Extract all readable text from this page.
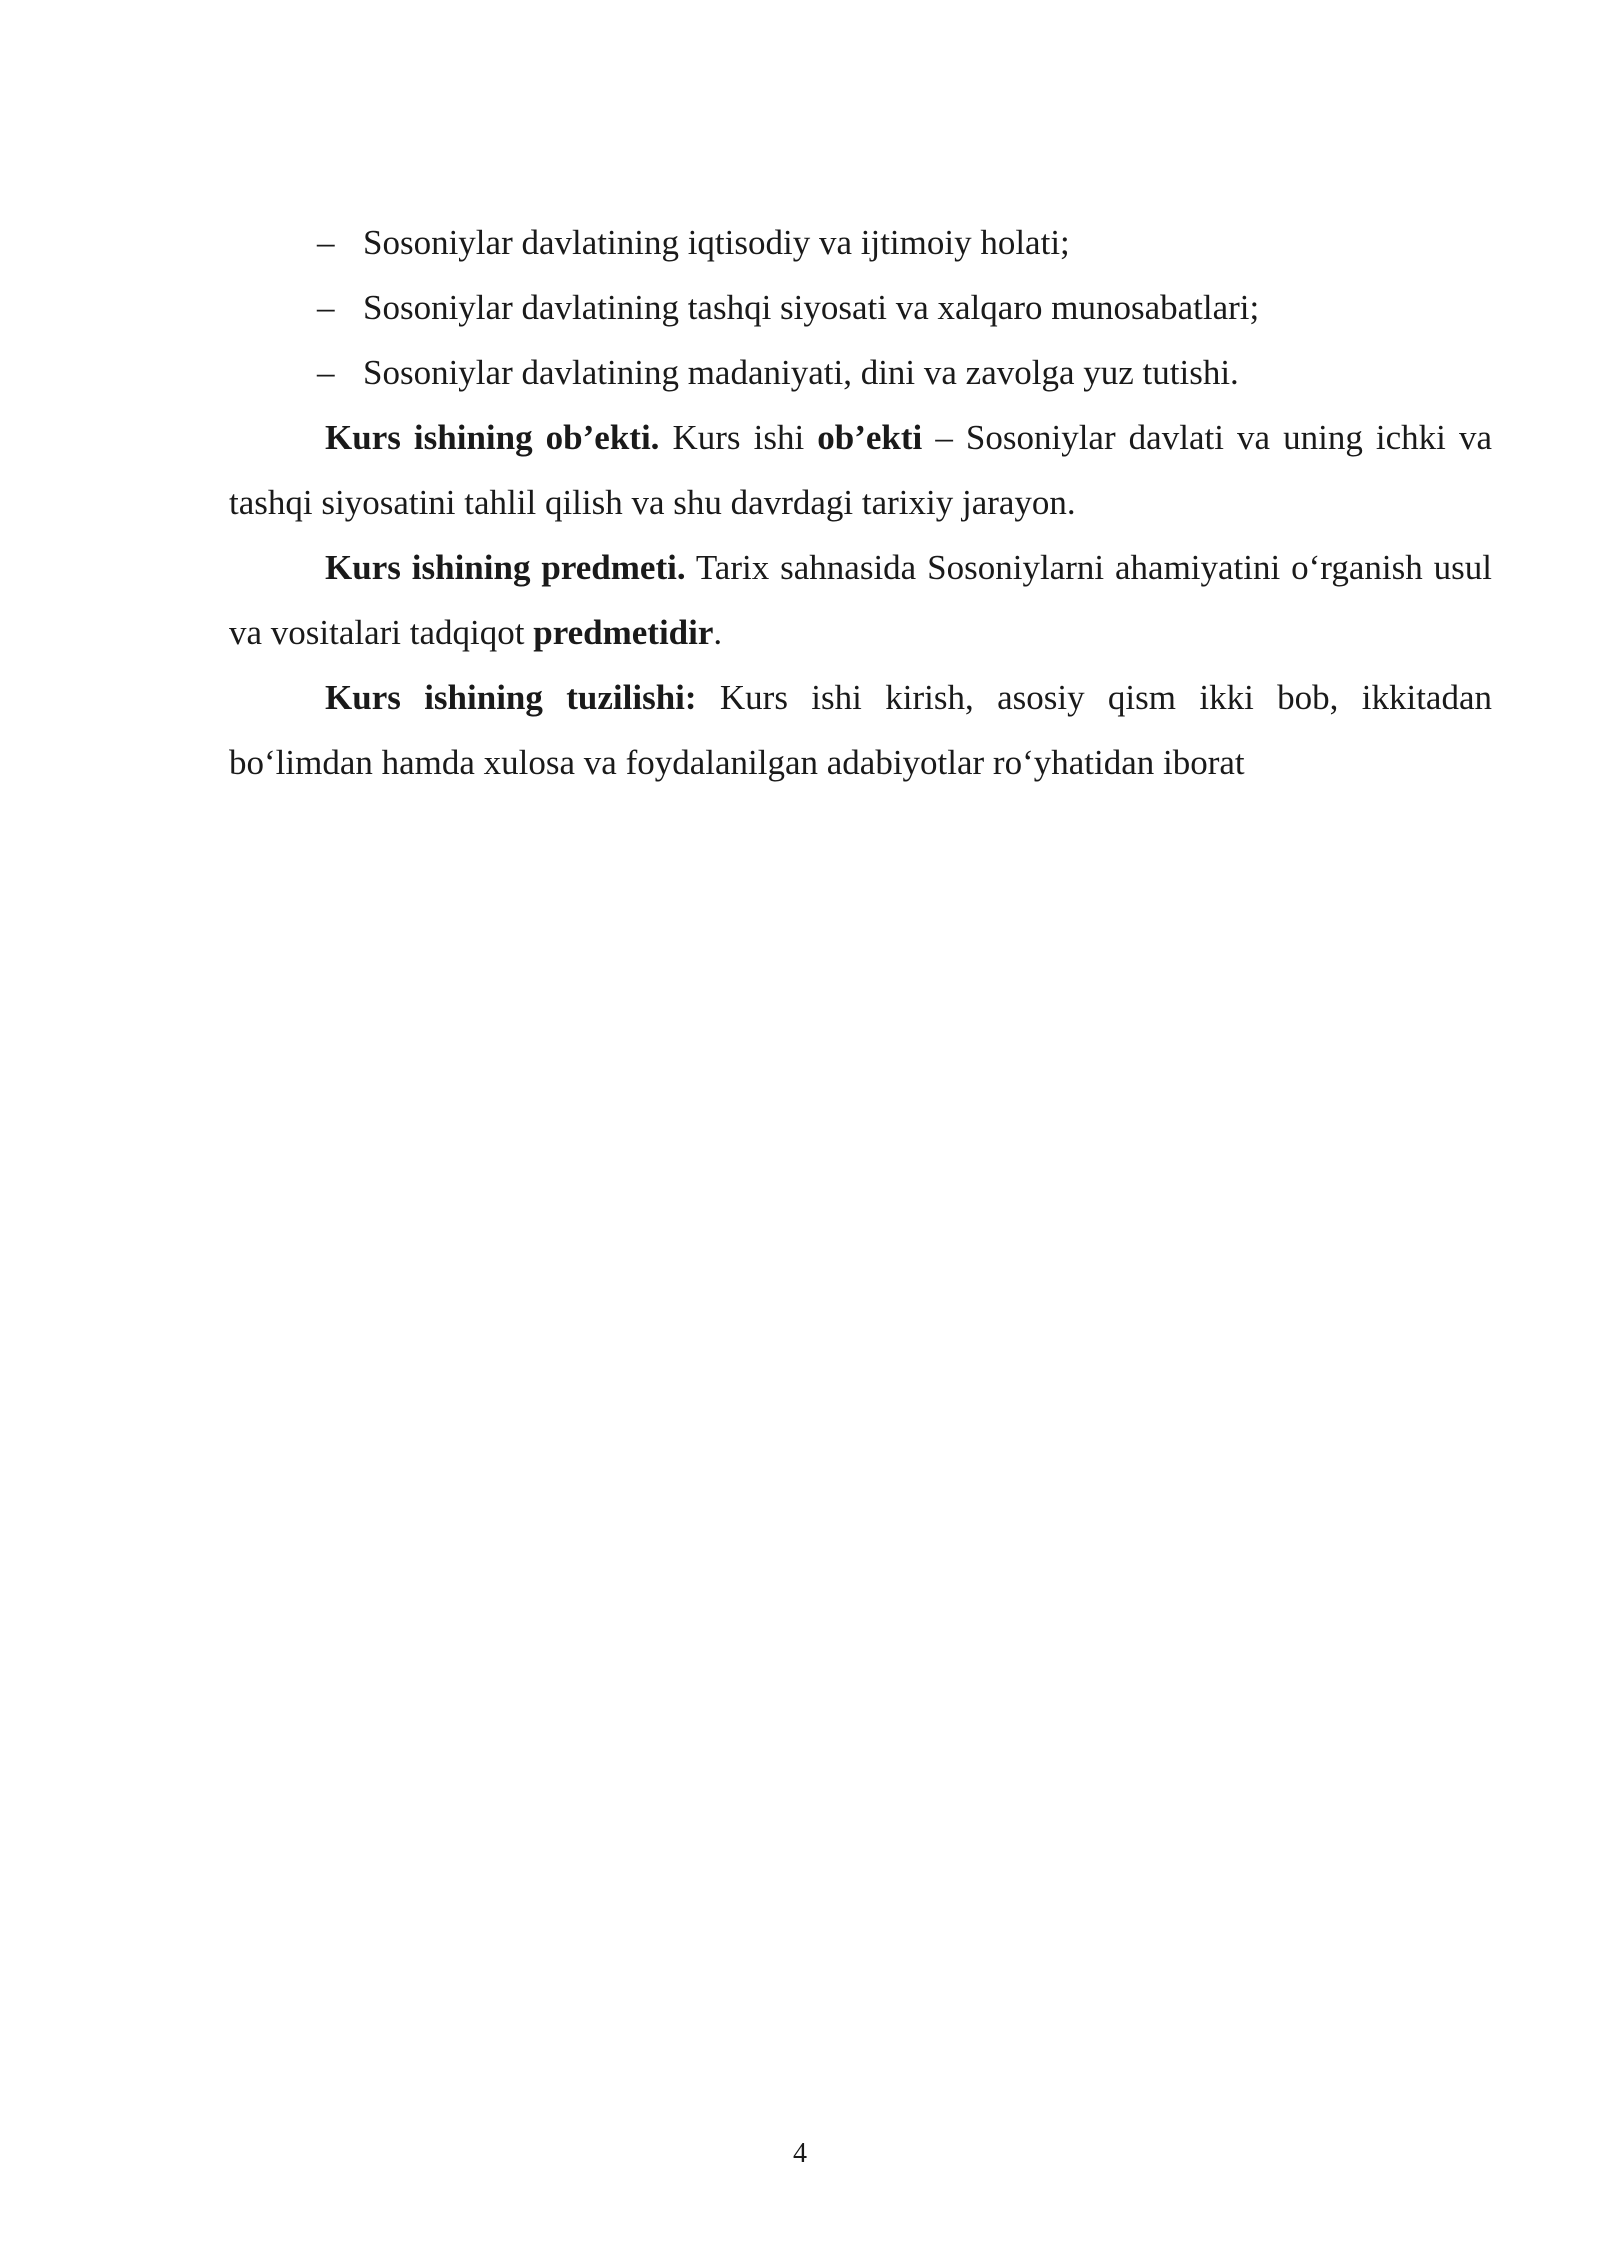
– Sosoniylar davlatining iqtisodiy va ijtimoiy holati;
– Sosoniylar davlatining tashqi siyosati va xalqaro munosabatlari;
– Sosoniylar davlatining madaniyati, dini va zavolga yuz tutishi.

Kurs ishining ob’ekti. Kurs ishi ob’ekti – Sosoniylar davlati va uning ichki va tashqi siyosatini tahlil qilish va shu davrdagi tarixiy jarayon.

Kurs ishining predmeti. Tarix sahnasida Sosoniylarni ahamiyatini o‘rganish usul va vositalari tadqiqot predmetidir.

Kurs ishining tuzilishi: Kurs ishi kirish, asosiy qism ikki bob, ikkitadan bo‘limdan hamda xulosa va foydalanilgan adabiyotlar ro‘yhatidan iborat

4
